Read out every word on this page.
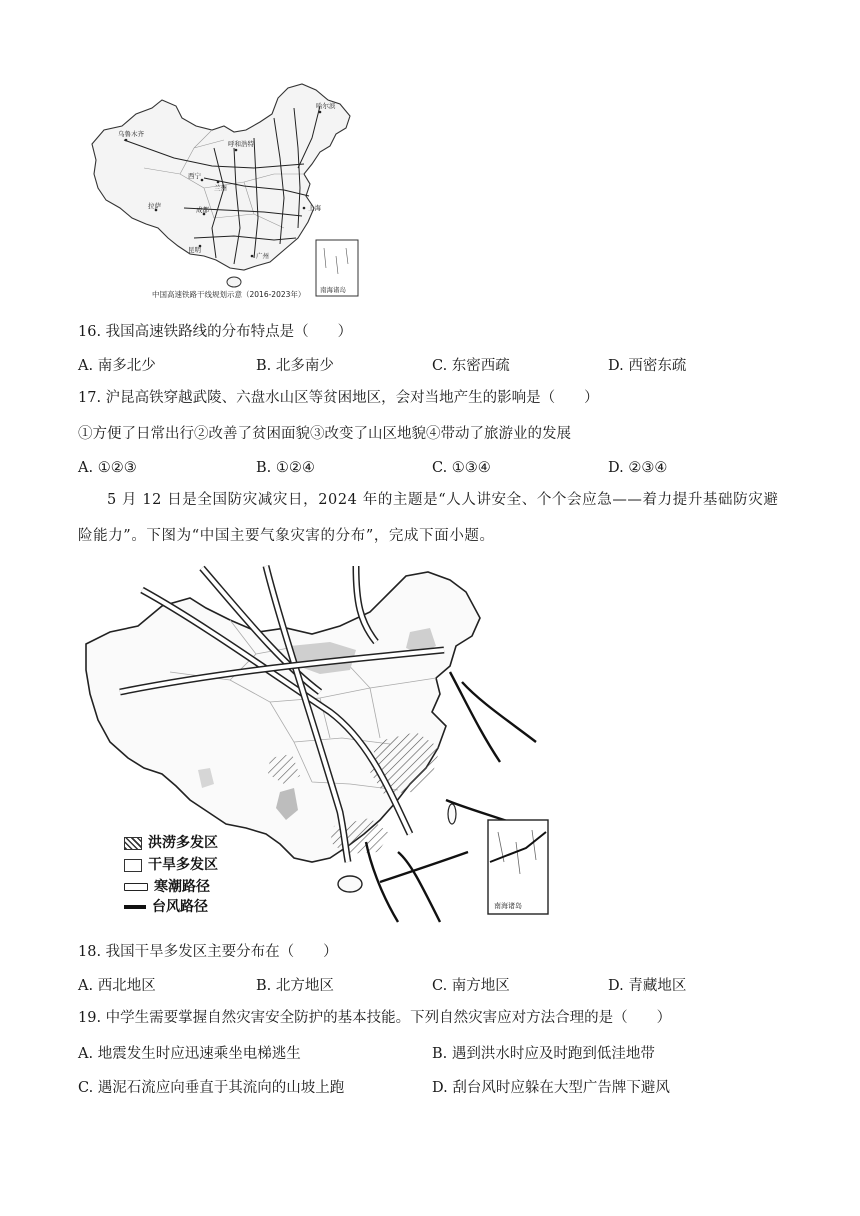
南海诸岛
乌鲁木齐
哈尔滨
呼和浩特
西宁
兰州
拉萨	成都	上海
昆明
广州
中国高速铁路干线规划示意（2016-2023年）
16. 我国高速铁路线的分布特点是（　　）
A. 南多北少	B. 北多南少	C. 东密西疏	D. 西密东疏
17. 沪昆高铁穿越武陵、六盘水山区等贫困地区，会对当地产生的影响是（　　）
①方便了日常出行②改善了贫困面貌③改变了山区地貌④带动了旅游业的发展
A. ①②③	B. ①②④	C. ①③④	D. ②③④
5 月 12 日是全国防灾减灾日，2024 年的主题是“人人讲安全、个个会应急——着力提升基础防灾避险能力”。下图为“中国主要气象灾害的分布”，完成下面小题。
南海诸岛
洪涝多发区
干旱多发区
寒潮路径
台风路径
18. 我国干旱多发区主要分布在（　　）
A. 西北地区	B. 北方地区	C. 南方地区	D. 青藏地区
19. 中学生需要掌握自然灾害安全防护的基本技能。下列自然灾害应对方法合理的是（　　）
A. 地震发生时应迅速乘坐电梯逃生	B. 遇到洪水时应及时跑到低洼地带
C. 遇泥石流应向垂直于其流向的山坡上跑	D. 刮台风时应躲在大型广告牌下避风
